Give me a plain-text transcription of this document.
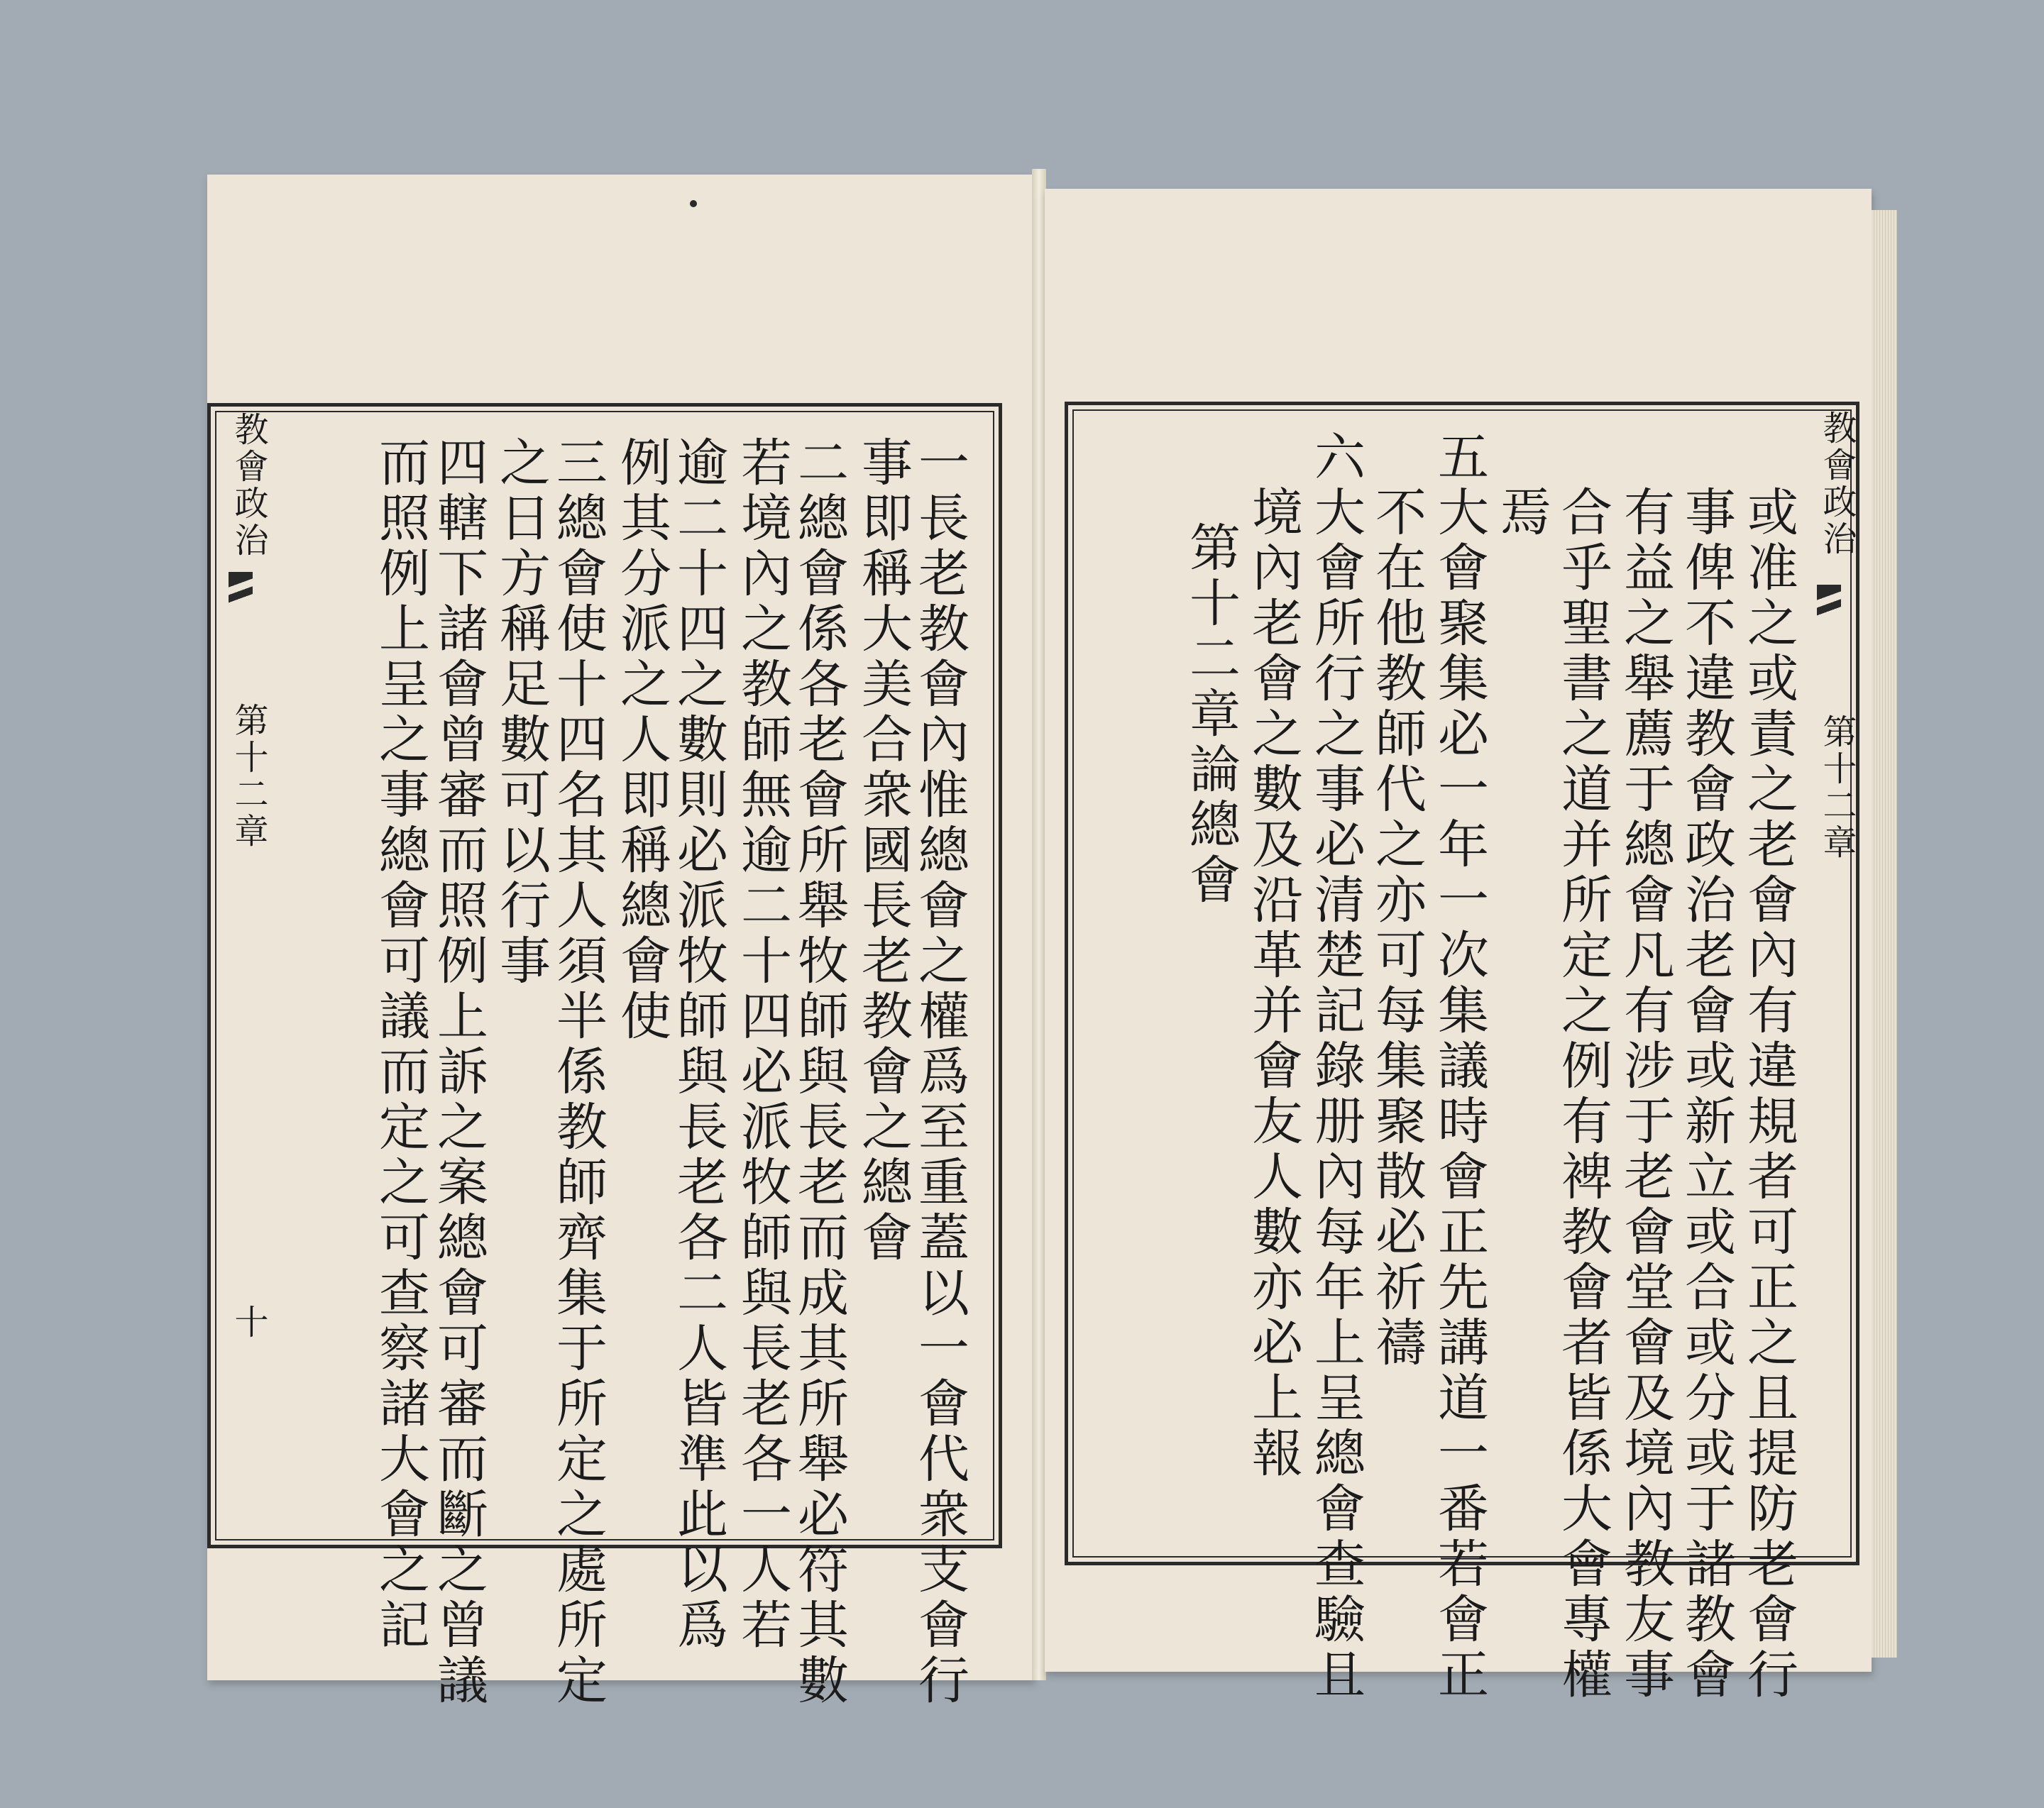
一長老教會內惟總會之權爲至重蓋以一會代衆支會行
事即稱大美合衆國長老教會之總會
二總會係各老會所舉牧師與長老而成其所舉必符其數
若境內之教師無逾二十四必派牧師與長老各一人若
逾二十四之數則必派牧師與長老各二人皆準此以爲
例其分派之人即稱總會使
三總會使十四名其人須半係教師齊集于所定之處所定
之日方稱足數可以行事
四轄下諸會曾審而照例上訴之案總會可審而斷之曾議
而照例上呈之事總會可議而定之可查察諸大會之記
教會政治
第十二章
十
教會政治
第十二章
或准之或責之老會內有違規者可正之且提防老會行
事俾不違教會政治老會或新立或合或分或于諸教會
有益之舉薦于總會凡有涉于老會堂會及境內教友事
合乎聖書之道并所定之例有裨教會者皆係大會專權
焉
五大會聚集必一年一次集議時會正先講道一番若會正
不在他教師代之亦可每集聚散必祈禱
六大會所行之事必清楚記錄册內每年上呈總會查驗且
境內老會之數及沿革并會友人數亦必上報
第十二章論總會
